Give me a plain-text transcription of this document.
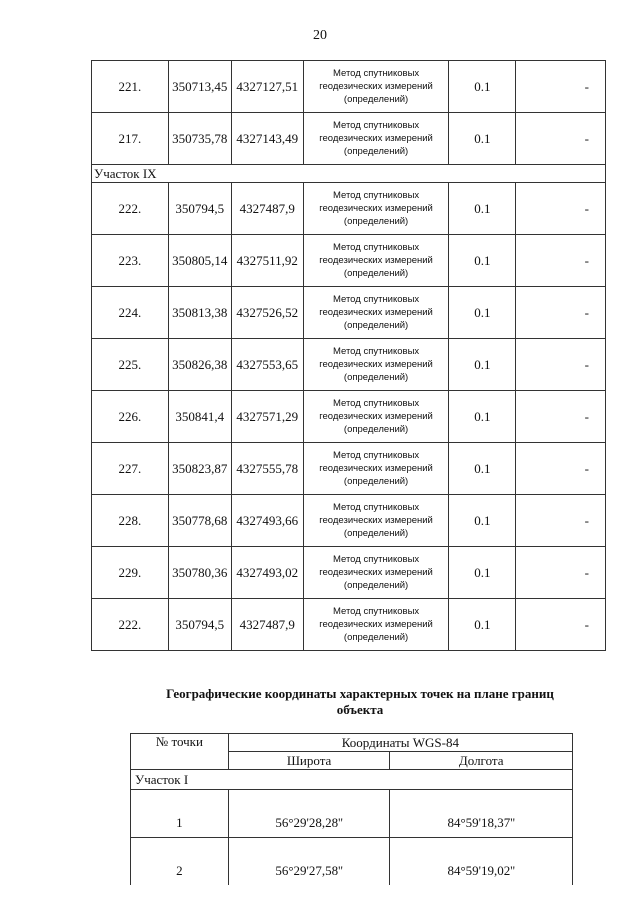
20
221.	350713,45	4327127,51	Метод спутниковых
геодезических измерений
(определений)	0.1	-
217.	350735,78	4327143,49	Метод спутниковых
геодезических измерений
(определений)	0.1	-
Участок IX					
222.	350794,5	4327487,9	Метод спутниковых
геодезических измерений
(определений)	0.1	-
223.	350805,14	4327511,92	Метод спутниковых
геодезических измерений
(определений)	0.1	-
224.	350813,38	4327526,52	Метод спутниковых
геодезических измерений
(определений)	0.1	-
225.	350826,38	4327553,65	Метод спутниковых
геодезических измерений
(определений)	0.1	-
226.	350841,4	4327571,29	Метод спутниковых
геодезических измерений
(определений)	0.1	-
227.	350823,87	4327555,78	Метод спутниковых
геодезических измерений
(определений)	0.1	-
228.	350778,68	4327493,66	Метод спутниковых
геодезических измерений
(определений)	0.1	-
229.	350780,36	4327493,02	Метод спутниковых
геодезических измерений
(определений)	0.1	-
222.	350794,5	4327487,9	Метод спутниковых
геодезических измерений
(определений)	0.1	-
Географические координаты характерных точек на плане границ
объекта
№ точки	Координаты WGS-84	
	Широта	Долгота
Участок I		
1	56°29'28,28''	84°59'18,37''
2	56°29'27,58''	84°59'19,02''
